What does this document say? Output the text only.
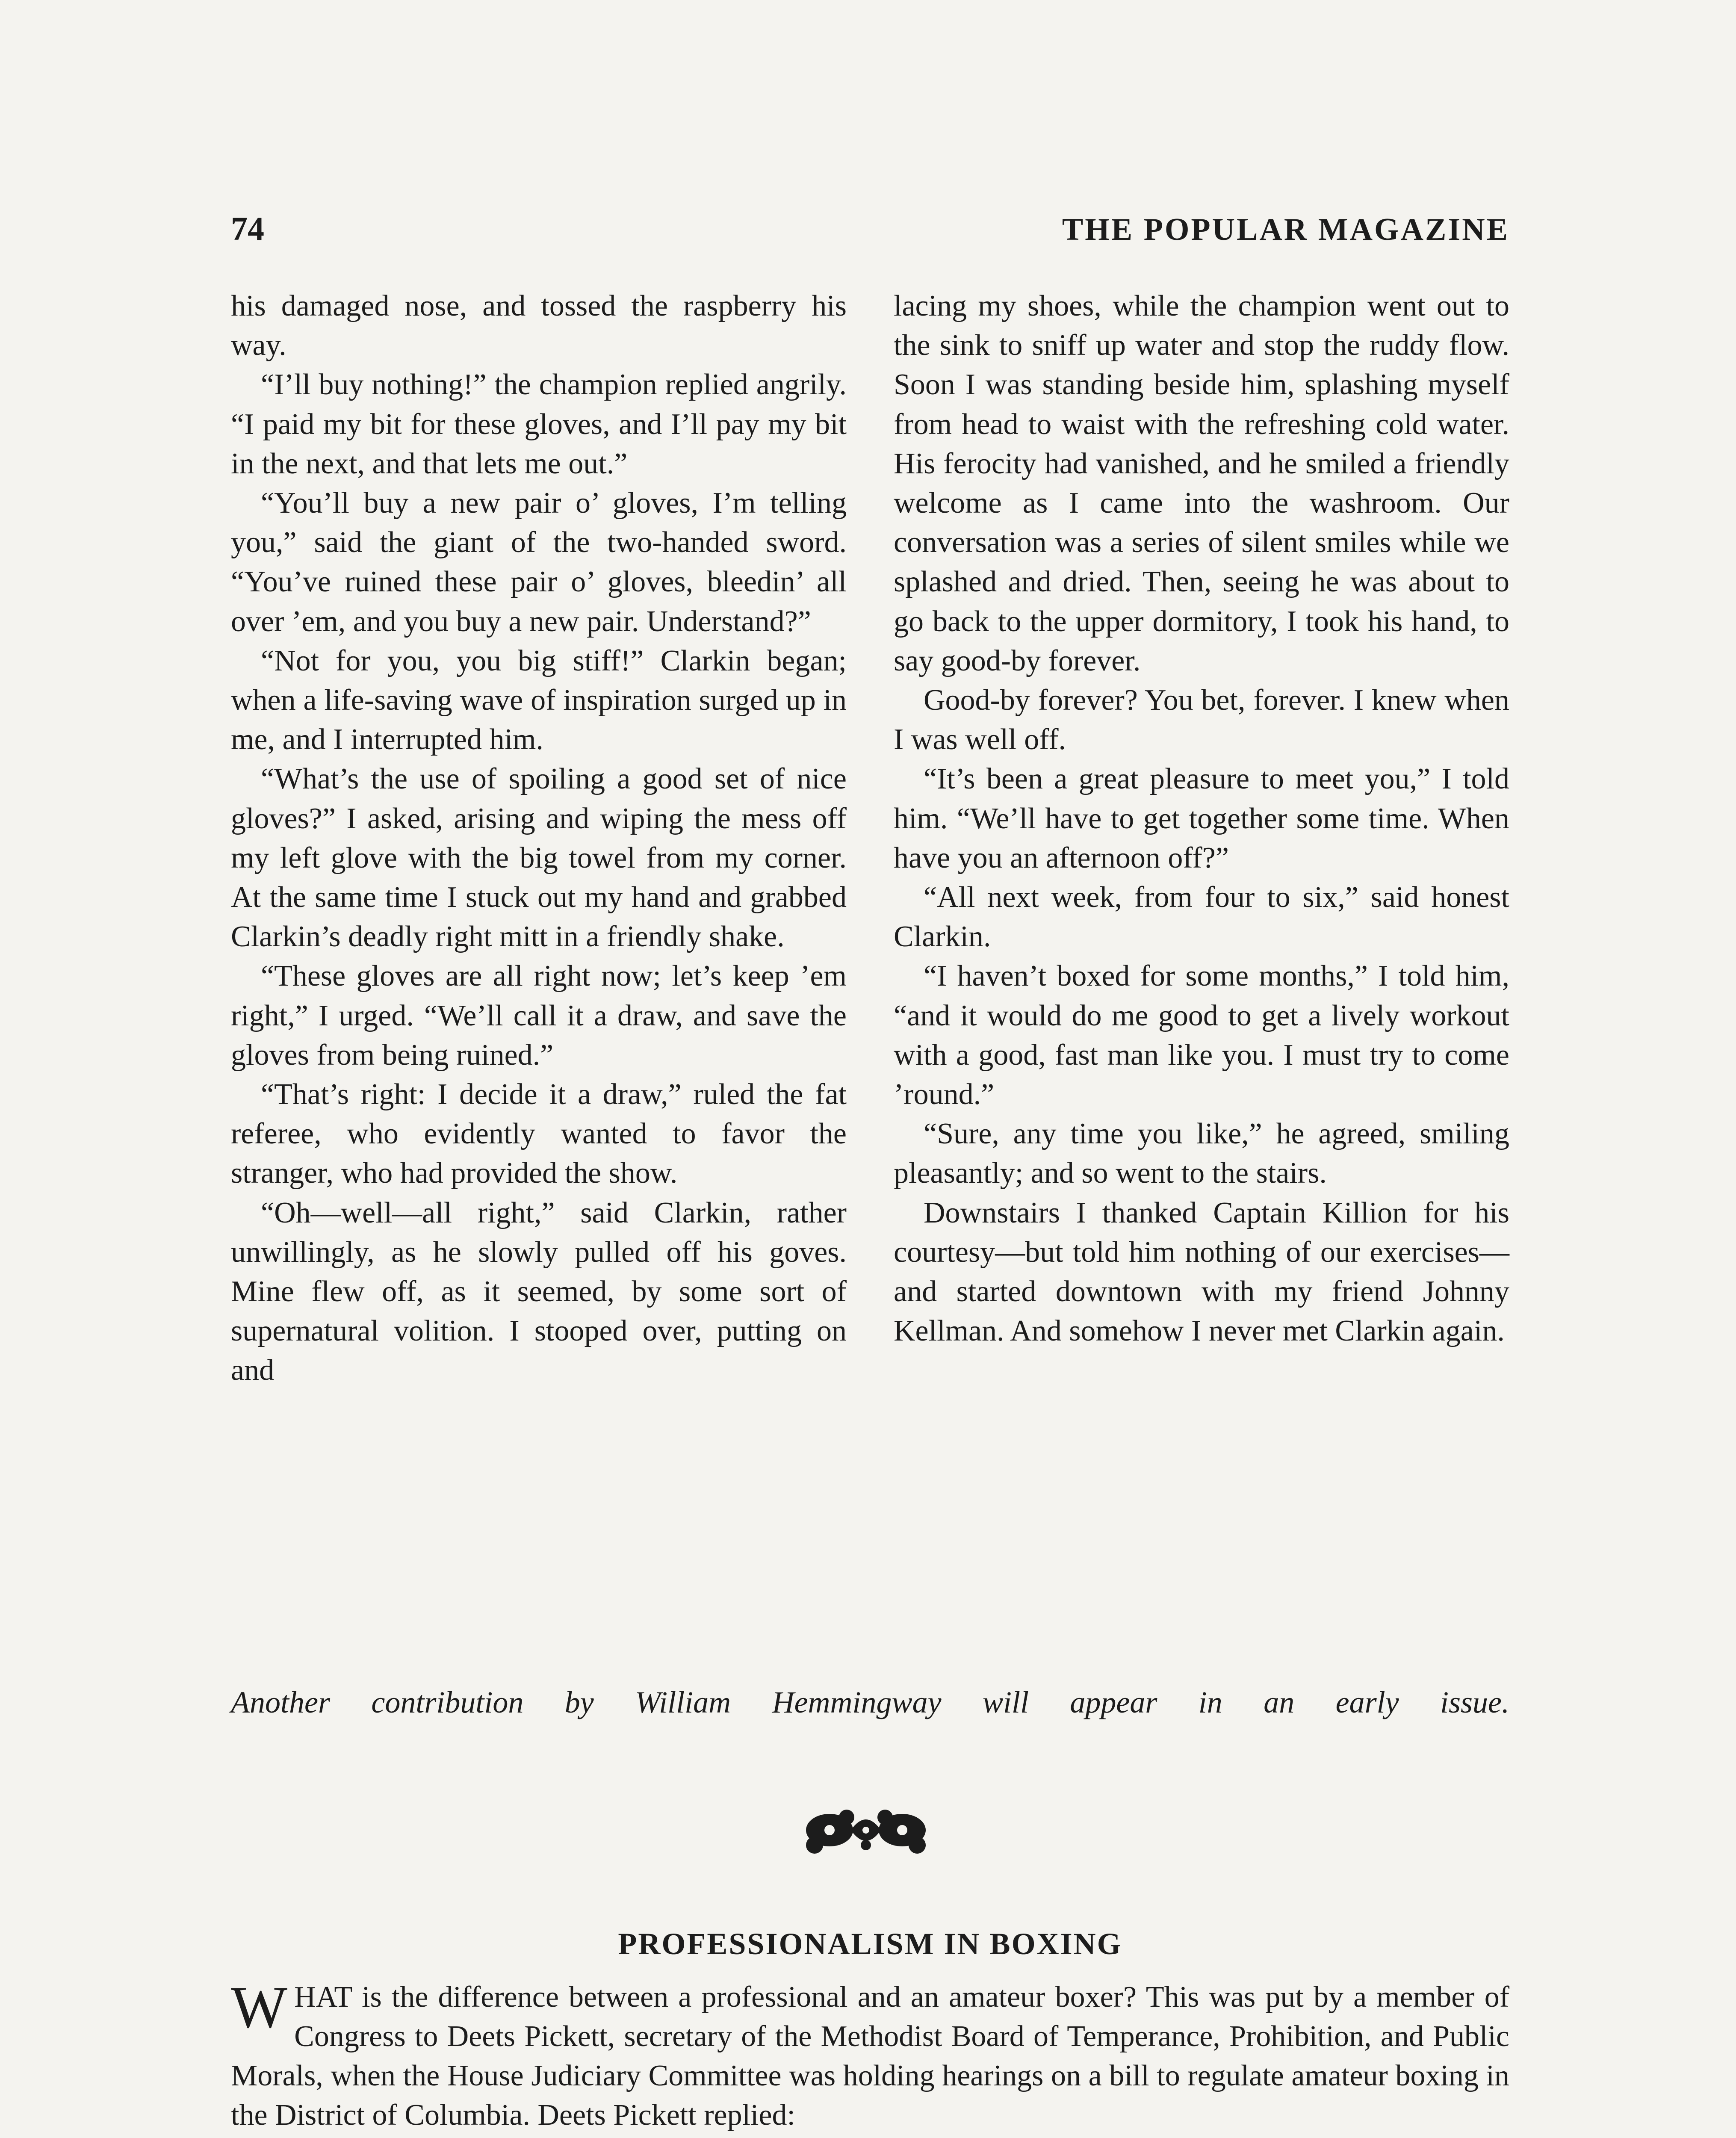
74	THE POPULAR MAGAZINE

his damaged nose, and tossed the raspberry his way.

“I’ll buy nothing!” the champion replied angrily. “I paid my bit for these gloves, and I’ll pay my bit in the next, and that lets me out.”

“You’ll buy a new pair o’ gloves, I’m telling you,” said the giant of the two-handed sword. “You’ve ruined these pair o’ gloves, bleedin’ all over ’em, and you buy a new pair. Understand?”

“Not for you, you big stiff!” Clarkin began; when a life-saving wave of inspiration surged up in me, and I interrupted him.

“What’s the use of spoiling a good set of nice gloves?” I asked, arising and wiping the mess off my left glove with the big towel from my corner. At the same time I stuck out my hand and grabbed Clarkin’s deadly right mitt in a friendly shake.

“These gloves are all right now; let’s keep ’em right,” I urged. “We’ll call it a draw, and save the gloves from being ruined.”

“That’s right: I decide it a draw,” ruled the fat referee, who evidently wanted to favor the stranger, who had provided the show.

“Oh—well—all right,” said Clarkin, rather unwillingly, as he slowly pulled off his goves. Mine flew off, as it seemed, by some sort of supernatural volition. I stooped over, putting on and

lacing my shoes, while the champion went out to the sink to sniff up water and stop the ruddy flow. Soon I was standing beside him, splashing myself from head to waist with the refreshing cold water. His ferocity had vanished, and he smiled a friendly welcome as I came into the washroom. Our conversation was a series of silent smiles while we splashed and dried. Then, seeing he was about to go back to the upper dormitory, I took his hand, to say good-by forever.

Good-by forever? You bet, forever. I knew when I was well off.

“It’s been a great pleasure to meet you,” I told him. “We’ll have to get together some time. When have you an afternoon off?”

“All next week, from four to six,” said honest Clarkin.

“I haven’t boxed for some months,” I told him, “and it would do me good to get a lively workout with a good, fast man like you. I must try to come ’round.”

“Sure, any time you like,” he agreed, smiling pleasantly; and so went to the stairs.

Downstairs I thanked Captain Killion for his courtesy—but told him nothing of our exercises—and started downtown with my friend Johnny Kellman. And somehow I never met Clarkin again.

Another contribution by William Hemmingway will appear in an early issue.
PROFESSIONALISM IN BOXING

WHAT is the difference between a professional and an amateur boxer? This was put by a member of Congress to Deets Pickett, secretary of the Methodist Board of Temperance, Prohibition, and Public Morals, when the House Judiciary Committee was holding hearings on a bill to regulate amateur boxing in the District of Columbia. Deets Pickett replied:
